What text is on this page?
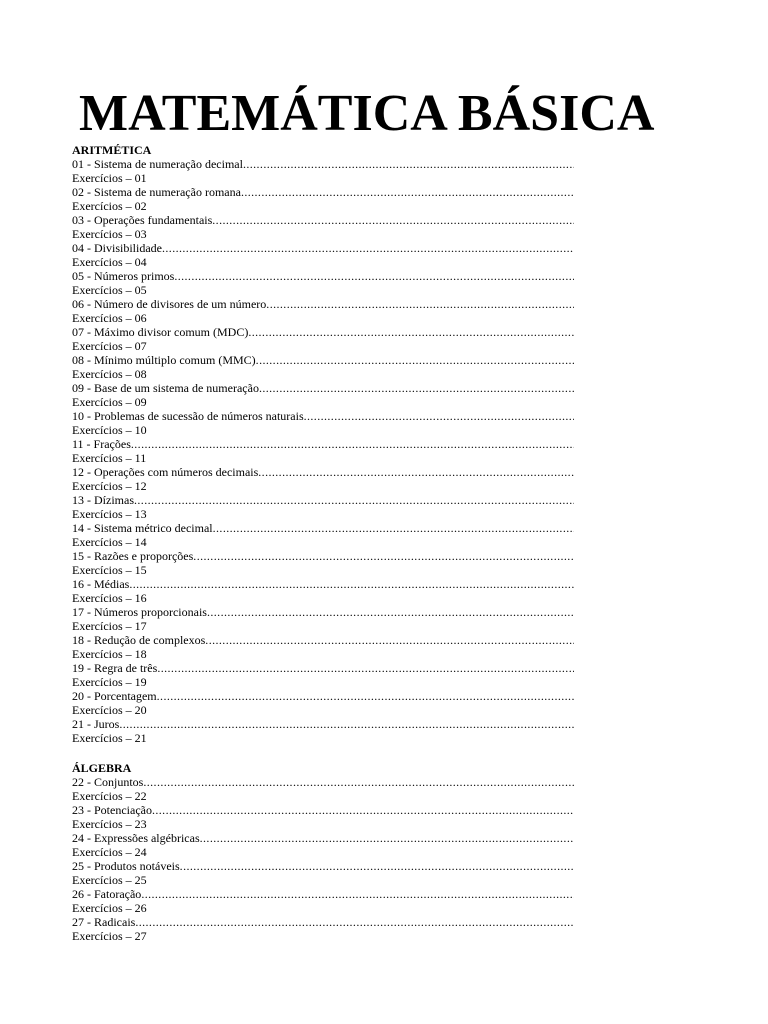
MATEMÁTICA BÁSICA
ARITMÉTICA
01 - Sistema de numeração decimal
.....
Exercícios – 01
02 - Sistema de numeração romana
.....
Exercícios – 02
03 - Operações fundamentais
.....
Exercícios – 03
04 - Divisibilidade
.....
Exercícios – 04
05 - Números primos
.....
Exercícios – 05
06 - Número de divisores de um número
.....
Exercícios – 06
07 - Máximo divisor comum (MDC)
.....
Exercícios – 07
08 - Mínimo múltiplo comum (MMC)
.....
Exercícios – 08
09 - Base de um sistema de numeração
.....
Exercícios – 09
10 - Problemas de sucessão de números naturais
.....
Exercícios – 10
11 - Frações
.....
Exercícios – 11
12 - Operações com números decimais
.....
Exercícios – 12
13 - Dízimas
.....
Exercícios – 13
14 - Sistema métrico decimal
.....
Exercícios – 14
15 - Razões e proporções
.....
Exercícios – 15
16 - Médias
.....
Exercícios – 16
17 - Números proporcionais
.....
Exercícios – 17
18 - Redução de complexos
.....
Exercícios – 18
19 - Regra de três
.....
Exercícios – 19
20 - Porcentagem
.....
Exercícios – 20
21 - Juros
.....
Exercícios – 21
ÁLGEBRA
22 - Conjuntos
.....
Exercícios – 22
23 - Potenciação
.....
Exercícios – 23
24 - Expressões algébricas
.....
Exercícios – 24
25 - Produtos notáveis
.....
Exercícios – 25
26 - Fatoração
.....
Exercícios – 26
27 - Radicais
.....
Exercícios – 27
